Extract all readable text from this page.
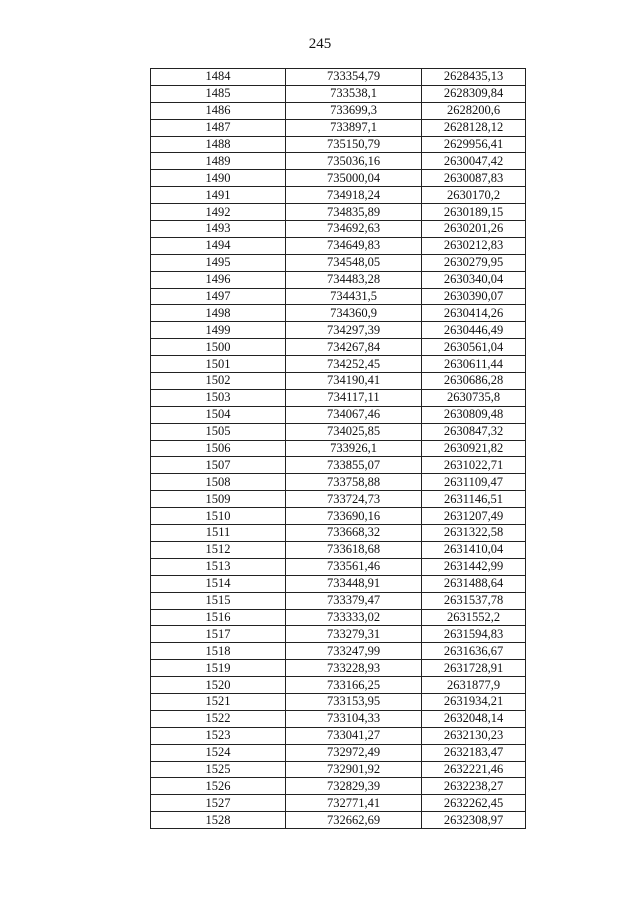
245
1484	733354,79	2628435,13
1485	733538,1	2628309,84
1486	733699,3	2628200,6
1487	733897,1	2628128,12
1488	735150,79	2629956,41
1489	735036,16	2630047,42
1490	735000,04	2630087,83
1491	734918,24	2630170,2
1492	734835,89	2630189,15
1493	734692,63	2630201,26
1494	734649,83	2630212,83
1495	734548,05	2630279,95
1496	734483,28	2630340,04
1497	734431,5	2630390,07
1498	734360,9	2630414,26
1499	734297,39	2630446,49
1500	734267,84	2630561,04
1501	734252,45	2630611,44
1502	734190,41	2630686,28
1503	734117,11	2630735,8
1504	734067,46	2630809,48
1505	734025,85	2630847,32
1506	733926,1	2630921,82
1507	733855,07	2631022,71
1508	733758,88	2631109,47
1509	733724,73	2631146,51
1510	733690,16	2631207,49
1511	733668,32	2631322,58
1512	733618,68	2631410,04
1513	733561,46	2631442,99
1514	733448,91	2631488,64
1515	733379,47	2631537,78
1516	733333,02	2631552,2
1517	733279,31	2631594,83
1518	733247,99	2631636,67
1519	733228,93	2631728,91
1520	733166,25	2631877,9
1521	733153,95	2631934,21
1522	733104,33	2632048,14
1523	733041,27	2632130,23
1524	732972,49	2632183,47
1525	732901,92	2632221,46
1526	732829,39	2632238,27
1527	732771,41	2632262,45
1528	732662,69	2632308,97
